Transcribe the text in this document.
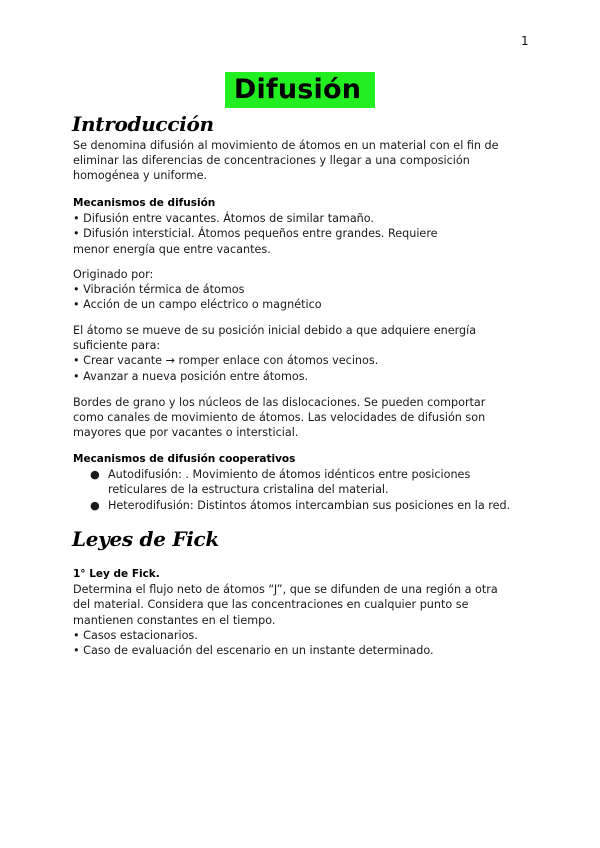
1
Difusión
Introducción

Se denomina difusión al movimiento de átomos en un material con el fin de

eliminar las diferencias de concentraciones y llegar a una composición

homogénea y uniforme.

Mecanismos de difusión

• Difusión entre vacantes. Átomos de similar tamaño.

• Difusión intersticial. Átomos pequeños entre grandes. Requiere

menor energía que entre vacantes.

Originado por:

• Vibración térmica de átomos

• Acción de un campo eléctrico o magnético

El átomo se mueve de su posición inicial debido a que adquiere energía

suficiente para:

• Crear vacante → romper enlace con átomos vecinos.

• Avanzar a nueva posición entre átomos.

Bordes de grano y los núcleos de las dislocaciones. Se pueden comportar

como canales de movimiento de átomos. Las velocidades de difusión son

mayores que por vacantes o intersticial.

Mecanismos de difusión cooperativos

● Autodifusión: . Movimiento de átomos idénticos entre posiciones

reticulares de la estructura cristalina del material.

● Heterodifusión: Distintos átomos intercambian sus posiciones en la red.

Leyes de Fick

1° Ley de Fick.

Determina el flujo neto de átomos “J”, que se difunden de una región a otra

del material. Considera que las concentraciones en cualquier punto se

mantienen constantes en el tiempo.

• Casos estacionarios.

• Caso de evaluación del escenario en un instante determinado.
